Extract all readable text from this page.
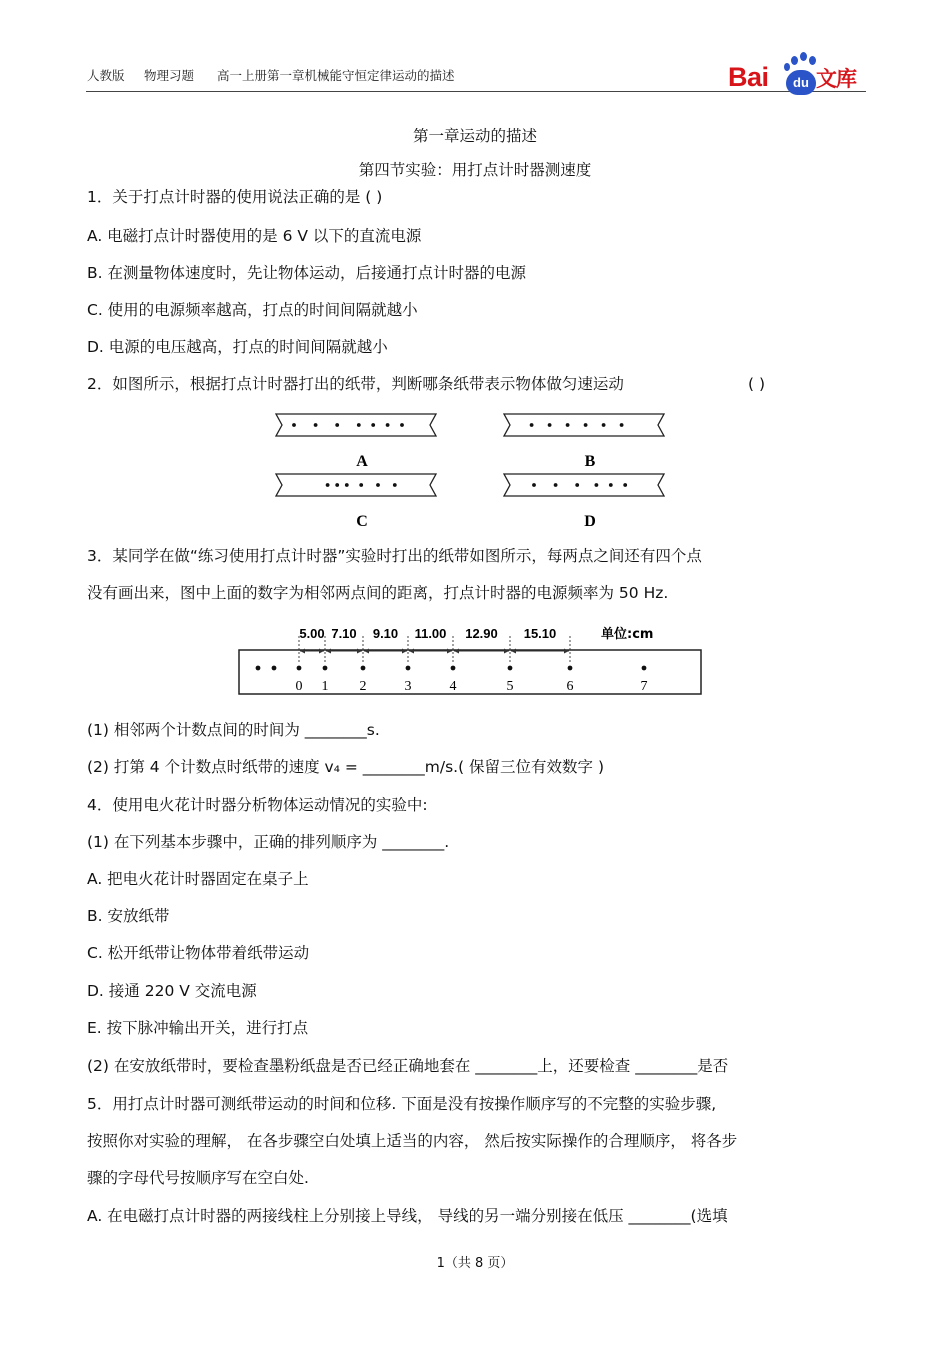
人教版 物理习题 高一上册第一章机械能守恒定律运动的描述	Bai	du 文库
第一章运动的描述
第四节实验：用打点计时器测速度
1．关于打点计时器的使用说法正确的是 ( )
A. 电磁打点计时器使用的是 6 V 以下的直流电源
B. 在测量物体速度时，先让物体运动，后接通打点计时器的电源
C. 使用的电源频率越高，打点的时间间隔就越小
D. 电源的电压越高，打点的时间间隔就越小
2．如图所示，根据打点计时器打出的纸带，判断哪条纸带表示物体做匀速运动	( )
A	B
C	D
3．某同学在做“练习使用打点计时器”实验时打出的纸带如图所示，每两点之间还有四个点
没有画出来，图中上面的数字为相邻两点间的距离，打点计时器的电源频率为 50 Hz.
0 1 2	3	4	5	6	7
5.00 7.10 9.10 11.00 12.90 15.10	单位:cm
(1) 相邻两个计数点间的时间为 ________s.
(2) 打第 4 个计数点时纸带的速度 v₄ = ________m/s.( 保留三位有效数字 )
4．使用电火花计时器分析物体运动情况的实验中:
(1) 在下列基本步骤中，正确的排列顺序为 ________.
A. 把电火花计时器固定在桌子上
B. 安放纸带
C. 松开纸带让物体带着纸带运动
D. 接通 220 V 交流电源
E. 按下脉冲输出开关，进行打点
(2) 在安放纸带时，要检查墨粉纸盘是否已经正确地套在 ________上，还要检查 ________是否
5．用打点计时器可测纸带运动的时间和位移. 下面是没有按操作顺序写的不完整的实验步骤,
按照你对实验的理解， 在各步骤空白处填上适当的内容， 然后按实际操作的合理顺序， 将各步
骤的字母代号按顺序写在空白处.
A. 在电磁打点计时器的两接线柱上分别接上导线， 导线的另一端分别接在低压 ________(选填
1（共 8 页）
